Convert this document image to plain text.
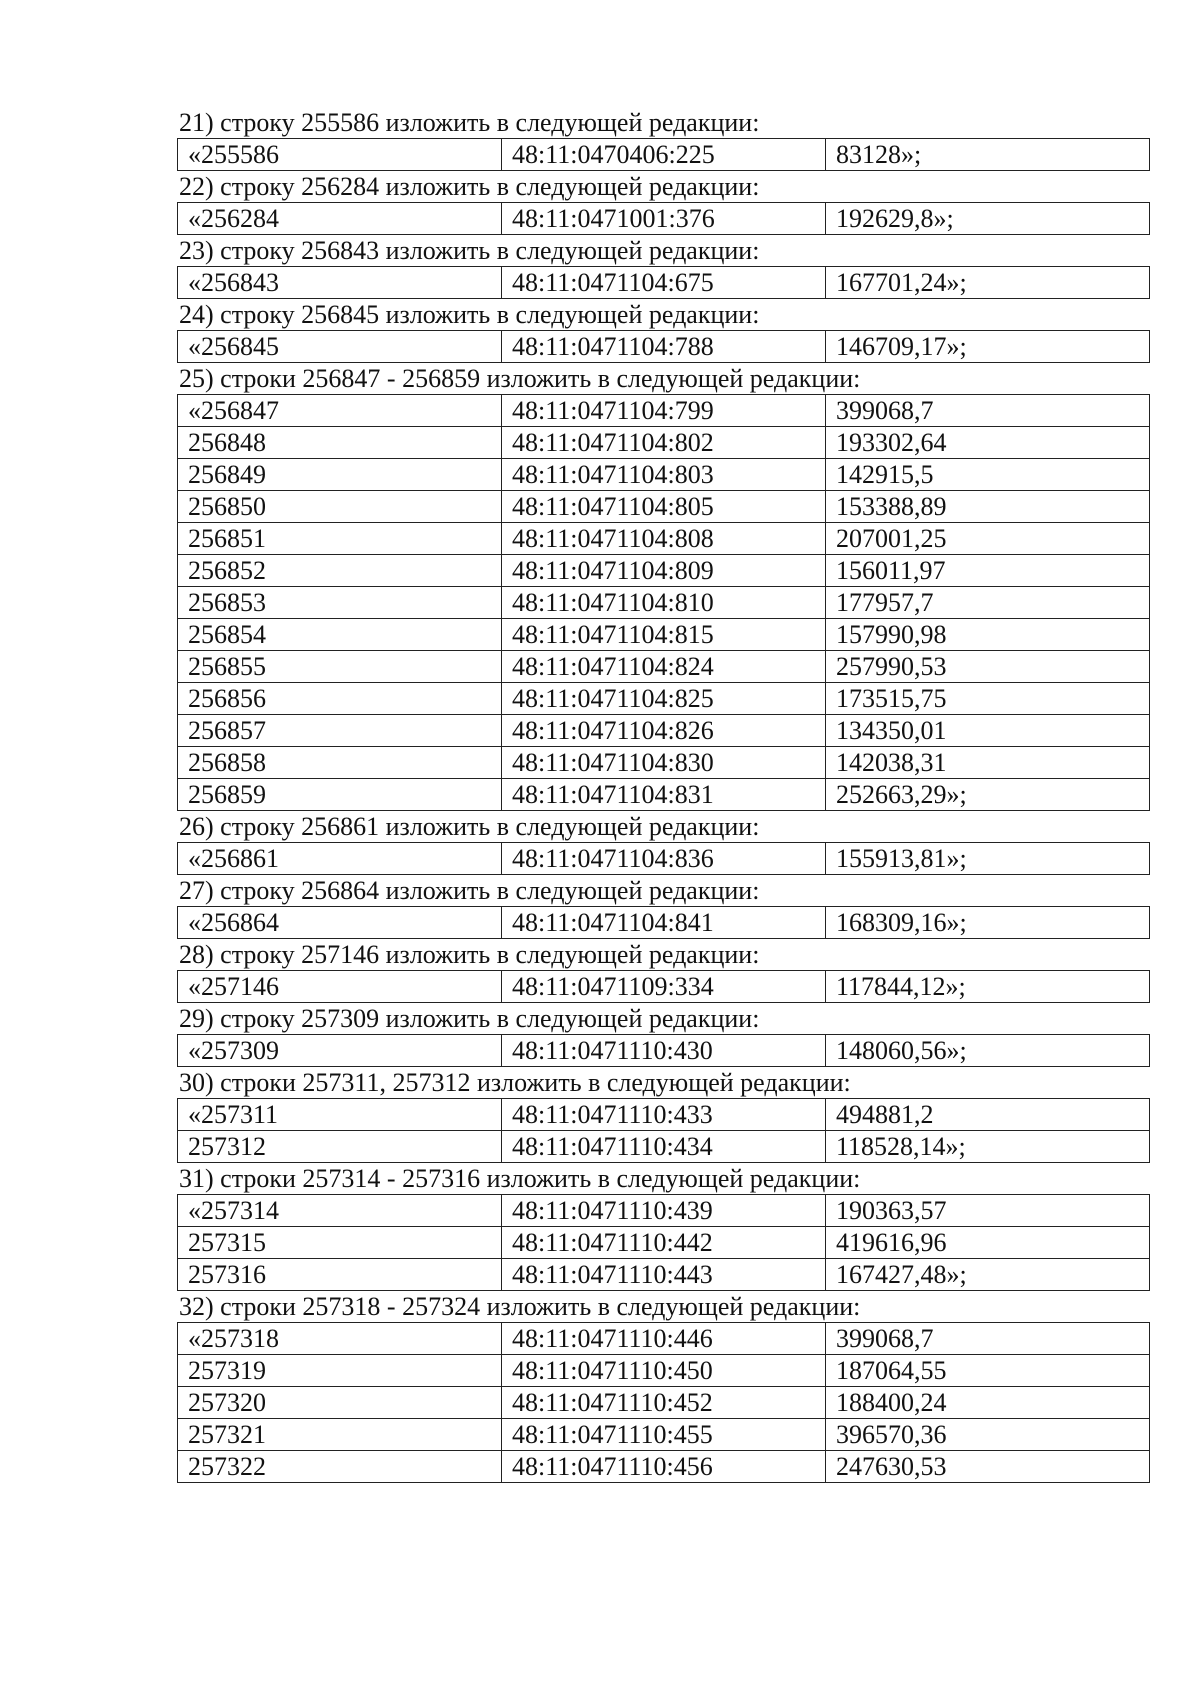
21) строку 255586 изложить в следующей редакции:
«255586	48:11:0470406:225	83128»;
22) строку 256284 изложить в следующей редакции:
«256284	48:11:0471001:376	192629,8»;
23) строку 256843 изложить в следующей редакции:
«256843	48:11:0471104:675	167701,24»;
24) строку 256845 изложить в следующей редакции:
«256845	48:11:0471104:788	146709,17»;
25) строки 256847 - 256859 изложить в следующей редакции:
«256847	48:11:0471104:799	399068,7
256848	48:11:0471104:802	193302,64
256849	48:11:0471104:803	142915,5
256850	48:11:0471104:805	153388,89
256851	48:11:0471104:808	207001,25
256852	48:11:0471104:809	156011,97
256853	48:11:0471104:810	177957,7
256854	48:11:0471104:815	157990,98
256855	48:11:0471104:824	257990,53
256856	48:11:0471104:825	173515,75
256857	48:11:0471104:826	134350,01
256858	48:11:0471104:830	142038,31
256859	48:11:0471104:831	252663,29»;
26) строку 256861 изложить в следующей редакции:
«256861	48:11:0471104:836	155913,81»;
27) строку 256864 изложить в следующей редакции:
«256864	48:11:0471104:841	168309,16»;
28) строку 257146 изложить в следующей редакции:
«257146	48:11:0471109:334	117844,12»;
29) строку 257309 изложить в следующей редакции:
«257309	48:11:0471110:430	148060,56»;
30) строки 257311, 257312 изложить в следующей редакции:
«257311	48:11:0471110:433	494881,2
257312	48:11:0471110:434	118528,14»;
31) строки 257314 - 257316 изложить в следующей редакции:
«257314	48:11:0471110:439	190363,57
257315	48:11:0471110:442	419616,96
257316	48:11:0471110:443	167427,48»;
32) строки 257318 - 257324 изложить в следующей редакции:
«257318	48:11:0471110:446	399068,7
257319	48:11:0471110:450	187064,55
257320	48:11:0471110:452	188400,24
257321	48:11:0471110:455	396570,36
257322	48:11:0471110:456	247630,53
